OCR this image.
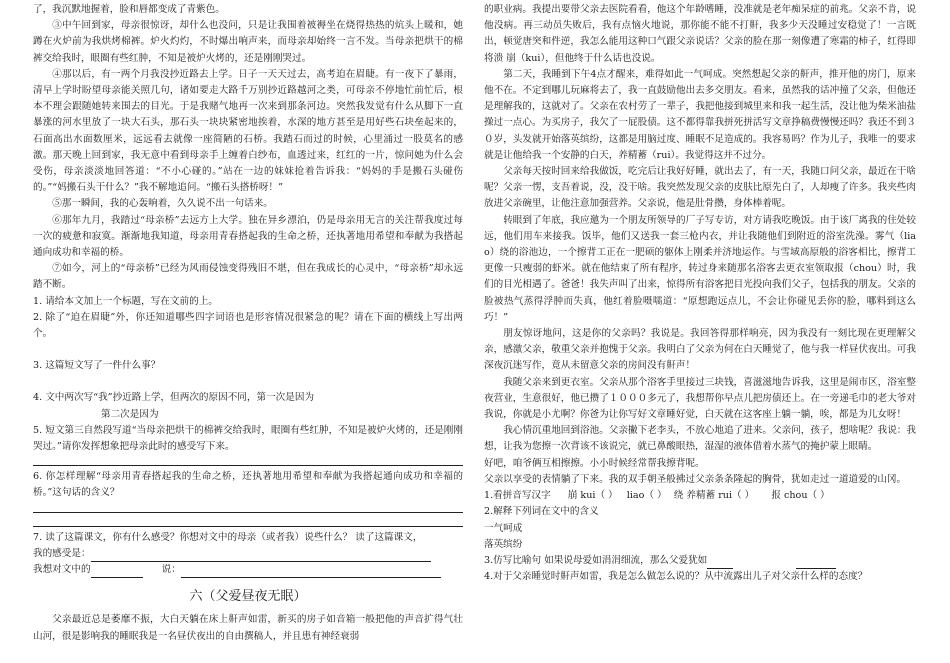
了，我沉默地握着，脸和唇都变成了青紫色。

③中午回到家，母亲很惊讶，却什么也没问，只是让我围着被褥坐在烧得热热的炕头上暖和，她蹲在火炉前为我烘烤棉裤。炉火灼灼，不时爆出响声来，而母亲却始终一言不发。当母亲把烘干的棉裤交给我时，眼圈有些红肿，不知是被炉火烤的，还是刚刚哭过。

④那以后，有一两个月我没抄近路去上学。日子一天天过去，高考迫在眉睫。有一夜下了暴雨，清早上学时盼望母亲能关照几句，诸如要走大路千万别抄近路越河之类，可母亲不停地忙前忙后，根本不理会跟随她转来围去的目光。于是我赌气地再一次来到那条河边。突然我发觉有什么从脚下一直暴涨的河水里放了一块大石头，那石头一块块紧密地挨着，水深的地方甚至是用好些石块垒起来的，石面高出水面数厘米，远远看去就像一座简陋的石桥。我踏石而过的时候，心里涌过一股莫名的感激。那天晚上回到家，我无意中看到母亲手上缠着白纱布，血透过来，红红的一片，惊问她为什么会受伤，母亲淡淡地回答道：“不小心碰的。”站在一边的妹妹抢着告诉我：“妈妈的手是搬石头碰伤的。”“妈搬石头干什么？”我不解地追问。“搬石头搭桥呀！”

⑤那一瞬间，我的心轰响着，久久说不出一句话来。

⑥那年九月，我踏过“母亲桥”去远方上大学。独在异乡漂泊，仍是母亲用无言的关注帮我度过每一次的疲惫和寂寞。渐渐地我知道，母亲用青春搭起我的生命之桥，还执著地用希望和奉献为我搭起通向成功和幸福的桥。

⑦如今，河上的“母亲桥”已经为风雨侵蚀变得残旧不堪，但在我成长的心灵中，“母亲桥”却永远踏不断。

1. 请给本文加上一个标题，写在文前的上。

2. 除了“迫在眉睫”外，你还知道哪些四字词语也是形容情况很紧急的呢？请在下面的横线上写出两个。

3. 这篇短文写了一件什么事？

4. 文中两次写“我”抄近路上学，但两次的原因不同，第一次是因为

第二次是因为

5. 短文第三自然段写道“当母亲把烘干的棉裤交给我时，眼圈有些红肿，不知是被炉火烤的，还是刚刚哭过。”请你发挥想象把母亲此时的感受写下来。

6. 你怎样理解“母亲用青春搭起我的生命之桥，还执著地用希望和奉献为我搭起通向成功和幸福的桥。”这句话的含义？

7. 读了这篇课文，你有什么感受？你想对文中的母亲（或者我）说些什么？ 读了这篇课文，

我的感受是：

我想对文中的	说：

六（父爱昼夜无眠）

父亲最近总是萎靡不振，大白天躺在床上鼾声如雷，新买的房子如音箱一般把他的声音扩得气壮山河，很是影响我的睡眠我是一名昼伏夜出的自由撰稿人，并且患有神经衰弱

的职业病。我提出要带父亲去医院看看，他这个年龄嗜睡，没准就是老年痴呆症的前兆。父亲不肯，说他没病。再三动员失败后，我有点恼火地说，那你能不能不打鼾，我多少天没睡过安稳觉了！一言既出，顿觉唐突和件逆，我怎么能用这种口气跟父亲说话？父亲的脸在那一刻像遭了寒霜的柿子，红得即将溃 崩（kui），但他终于什么话也没说。

第二天，我睡到下午4点才醒来，难得如此一气呵成。突然想起父亲的鼾声，推开他的房门，原来他不在。不定到哪儿玩麻将去了，我一直鼓励他出去多交朋友。看来，虽然我的话冲撞了父亲，但他还是理解我的，这就对了。父亲在农村劳了一辈子，我把他接到城里来和我一起生活，没让他为柴米油盐操过一点心。为买房子，我欠了一屁股债。这不都得靠我拼死拼活写文章挣稿费慢慢还吗？我还不到３０岁，头发就开始落英缤纷，这都是用脑过度、睡眠不足造成的。我容易吗？作为儿子，我唯一的要求就是让他给我一个安静的白天，养精蓄（rui）。我觉得这并不过分。

父亲每天按时回来给我做饭，吃完后让我好好睡，就出去了，有一天，我随口问父亲，最近在干啥呢？父亲一愣，支吾着说，没，没干啥。我突然发现父亲的皮肤比原先白了，人却瘦了许多。我夹些肉放进父亲碗里，让他注意加强营养。父亲说，他是肚骨攒，身体棒着呢。

转眼到了年底，我应邀为一个朋友所领导的厂子写专访，对方请我吃晚饭。由于该厂离我的住处较远，他们用车来接我。饭毕，他们又送我一套三枪内衣，并让我随他们到附近的浴室洗澡。雾气（liao）绕的浴池边，一个擦背工正在一肥硕的躯体上刚柔并济地运作。与雪域高原般的浴客相比，擦背工更像一只瘦弱的虾米。就在他结束了所有程序，转过身来随那名浴客去更衣室领取报（chou）时，我们的目光相遇了。爸爸！我失声叫了出来，惊得所有浴客把目光投向我们父子，包括我的朋友。父亲的脸被热气蒸得浮肿而失真，他红着脸嗫嚅道：“原想跑远点儿，不会让你碰见丢你的脸，哪料到这么巧！”

朋友惊讶地问，这是你的父亲吗？我说是。我回答得那样响亮，因为我没有一刻比现在更理解父亲，感激父亲，敬重父亲并抱愧于父亲。我明白了父亲为何在白天睡觉了，他与我一样昼伏夜出。可我深夜沉迷写作，竟从未留意父亲的房间没有鼾声！

我随父亲来到更衣室。父亲从那个浴客手里接过三块钱，喜滋滋地告诉我，这里是闹市区，浴室整夜营业，生意很好，他已攒了１０００多元了，我想帮你早点儿把房债还上。在一旁递毛巾的老大爷对我说，你就是小尤啊？你爸为让你写好文章睡好觉，白天就在这客座上躺一躺，唉，都是为儿女呀！

我心情沉重地回到浴池。父亲撇下老李头，不放心地追了进来。父亲问，孩子，想啥呢？我说：我想，让我为您擦一次背该不该说完，就已鼻酸眼热，湿湿的液体借着水蒸气的掩护蒙上眼睛。

好吧，咱爷俩互相擦擦。小小时候经常帮我擦背呢。

父亲以享受的表情躺了下来。我的双手朝圣般拂过父亲条条隆起的胸骨，犹如走过一道道爱的山冈。

1.看拼音写汉字 崩 kui（ ） liao（ ） 绕 养精蓄 rui（ ） 报 chou（ ）

2.解释下列词在文中的含义

一气呵成

落英缤纷

3.仿写比喻句 如果说母爱如涓涓细流，那么父爱犹如

4.对于父亲睡觉时鼾声如雷，我是怎么做怎么说的？从中流露出儿子对父亲什么样的态度？
